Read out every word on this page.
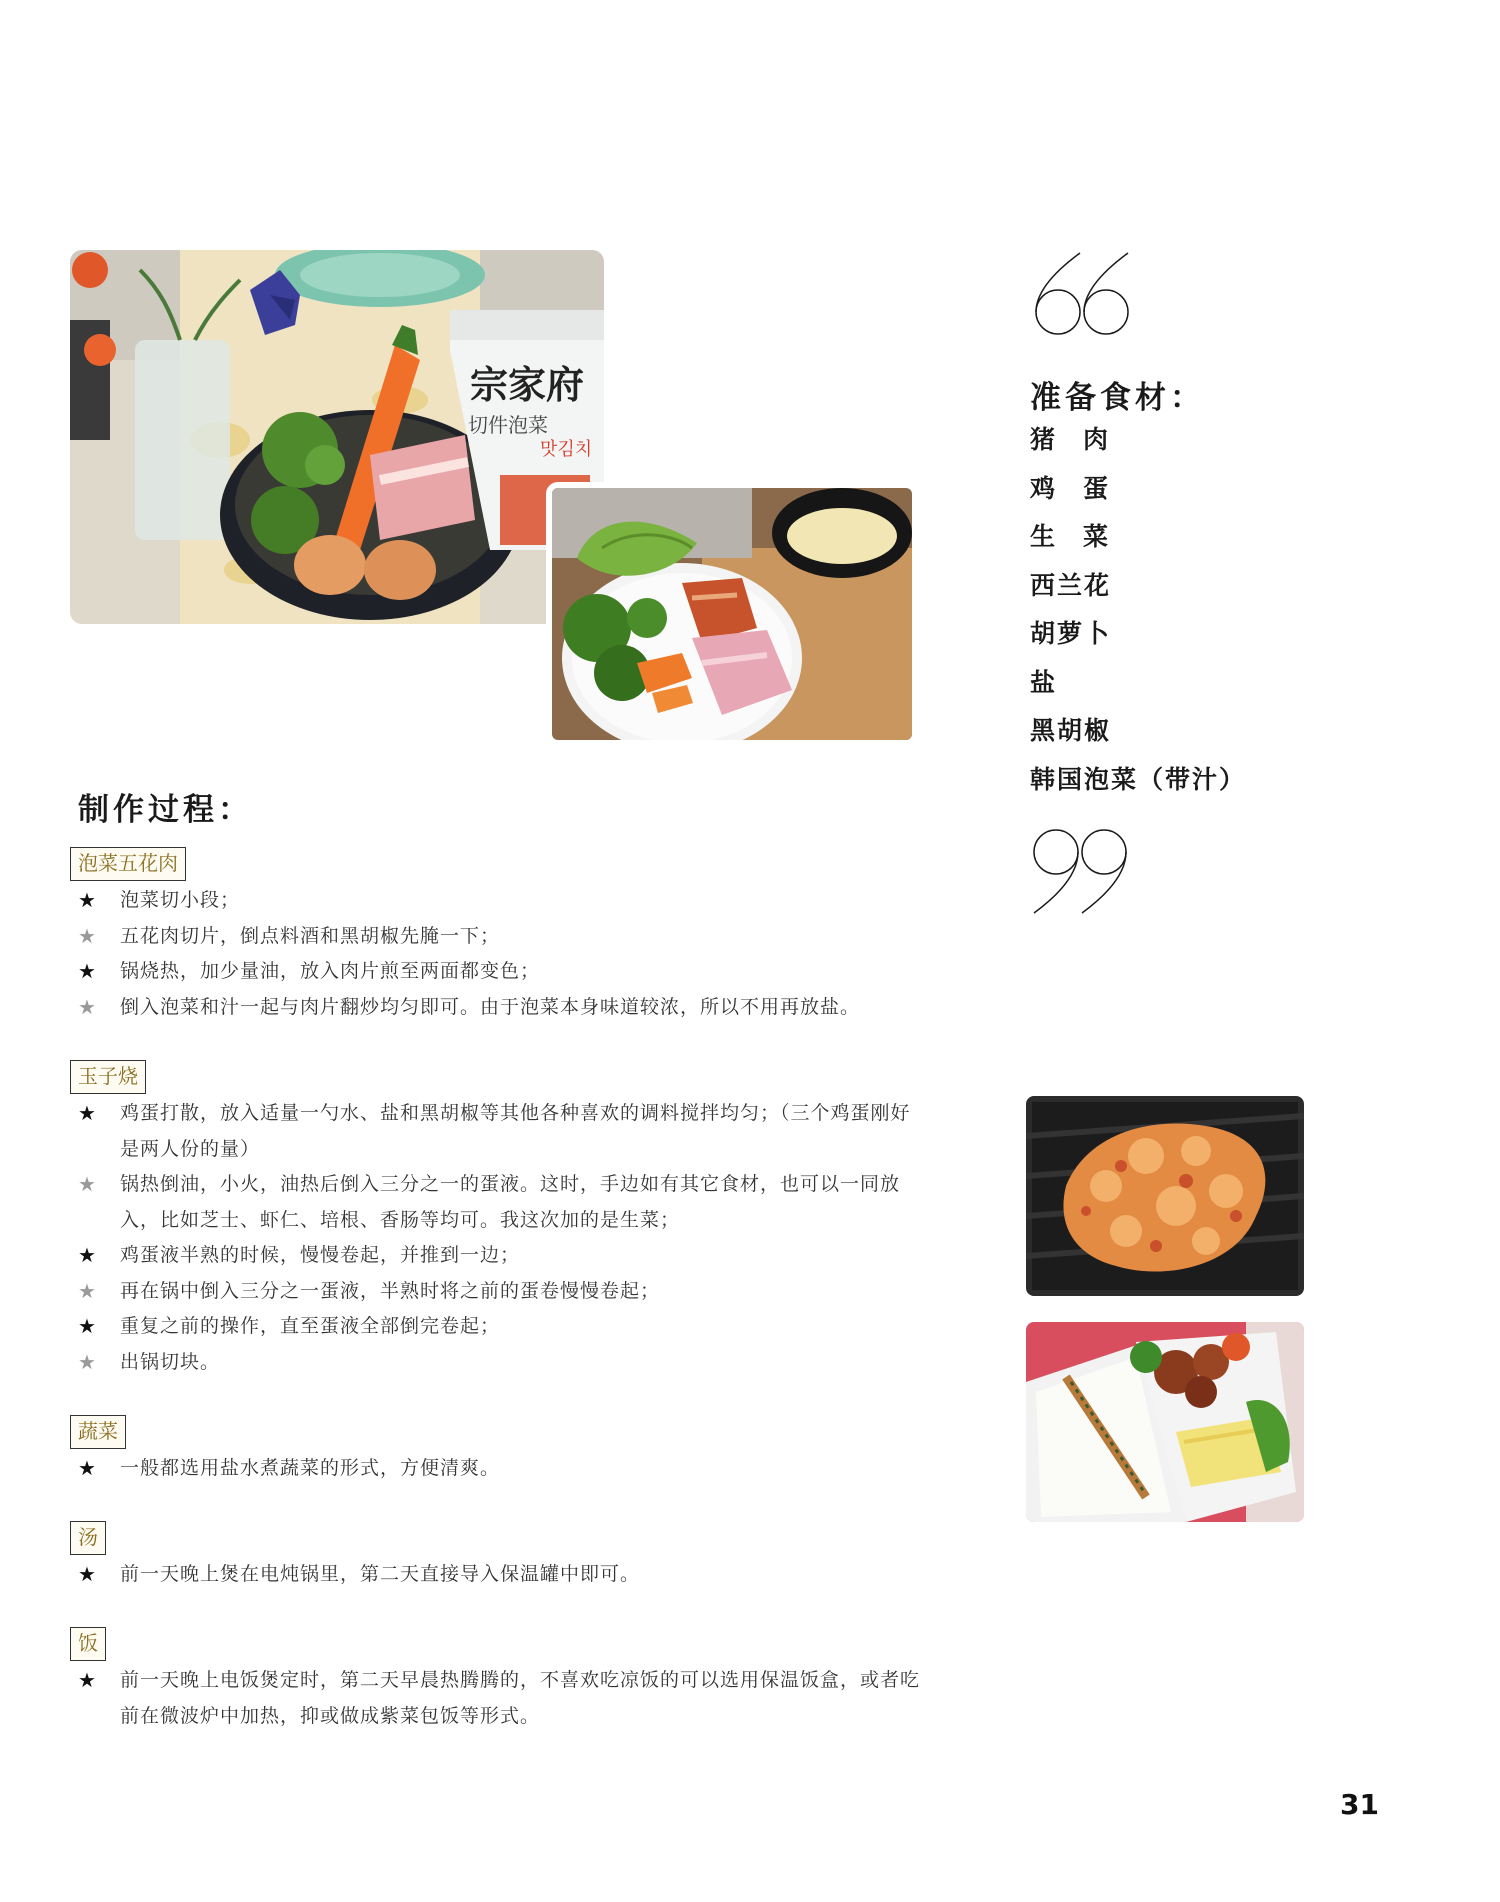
宗家府
切件泡菜
맛김치
准备食材：
猪肉
鸡蛋
生菜
西兰花
胡萝卜
盐
黑胡椒
韩国泡菜（带汁）
制作过程：
泡菜五花肉
★ 泡菜切小段；
★ 五花肉切片，倒点料酒和黑胡椒先腌一下；
★ 锅烧热，加少量油，放入肉片煎至两面都变色；
★ 倒入泡菜和汁一起与肉片翻炒均匀即可。由于泡菜本身味道较浓，所以不用再放盐。
玉子烧
★ 鸡蛋打散，放入适量一勺水、盐和黑胡椒等其他各种喜欢的调料搅拌均匀；（三个鸡蛋刚好是两人份的量）
★ 锅热倒油，小火，油热后倒入三分之一的蛋液。这时，手边如有其它食材，也可以一同放入，比如芝士、虾仁、培根、香肠等均可。我这次加的是生菜；
★ 鸡蛋液半熟的时候，慢慢卷起，并推到一边；
★ 再在锅中倒入三分之一蛋液，半熟时将之前的蛋卷慢慢卷起；
★ 重复之前的操作，直至蛋液全部倒完卷起；
★ 出锅切块。
蔬菜
★ 一般都选用盐水煮蔬菜的形式，方便清爽。
汤
★ 前一天晚上煲在电炖锅里，第二天直接导入保温罐中即可。
饭
★ 前一天晚上电饭煲定时，第二天早晨热腾腾的，不喜欢吃凉饭的可以选用保温饭盒，或者吃前在微波炉中加热，抑或做成紫菜包饭等形式。
31
